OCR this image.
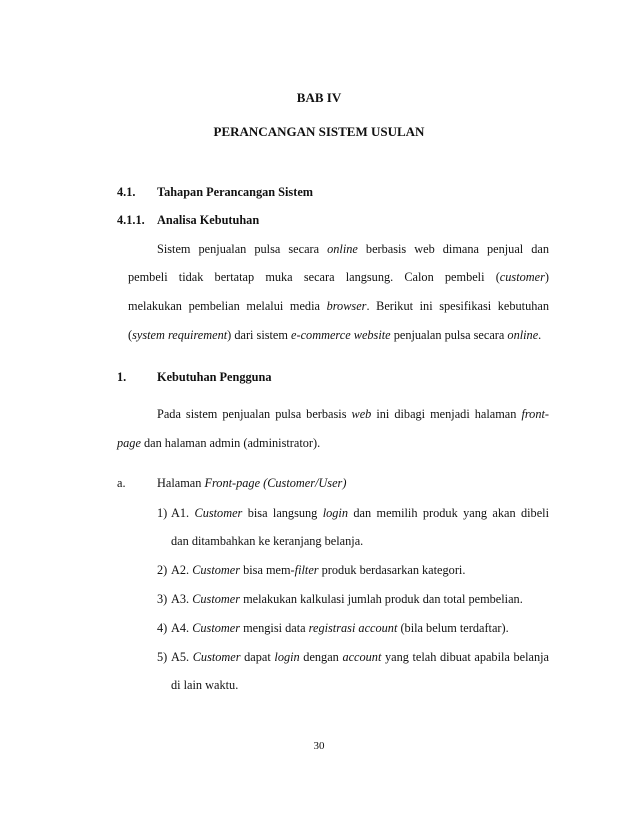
BAB IV
PERANCANGAN SISTEM USULAN
4.1. Tahapan Perancangan Sistem
4.1.1. Analisa Kebutuhan
Sistem penjualan pulsa secara online berbasis web dimana penjual dan
pembeli tidak bertatap muka secara langsung. Calon pembeli (customer)
melakukan pembelian melalui media browser. Berikut ini spesifikasi kebutuhan
(system requirement) dari sistem e-commerce website penjualan pulsa secara online.
1.	Kebutuhan Pengguna
Pada sistem penjualan pulsa berbasis web ini dibagi menjadi halaman front-
page dan halaman admin (administrator).
a.	Halaman Front-page (Customer/User)
1) A1. Customer bisa langsung login dan memilih produk yang akan dibeli
dan ditambahkan ke keranjang belanja.
2) A2. Customer bisa mem-filter produk berdasarkan kategori.
3) A3. Customer melakukan kalkulasi jumlah produk dan total pembelian.
4) A4. Customer mengisi data registrasi account (bila belum terdaftar).
5) A5. Customer dapat login dengan account yang telah dibuat apabila belanja
di lain waktu.
30
